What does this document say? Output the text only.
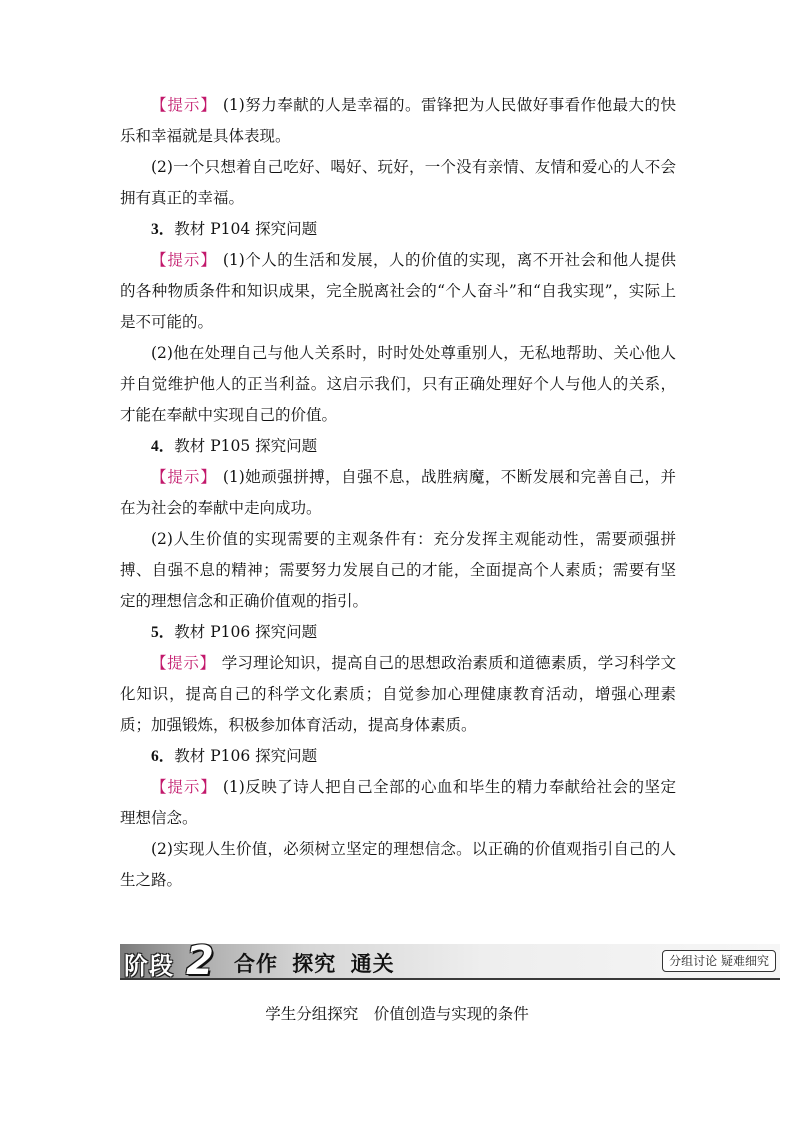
【提示】 (1)努力奉献的人是幸福的。雷锋把为人民做好事看作他最大的快乐和幸福就是具体表现。

(2)一个只想着自己吃好、喝好、玩好，一个没有亲情、友情和爱心的人不会拥有真正的幸福。

3．教材 P104 探究问题

【提示】 (1)个人的生活和发展，人的价值的实现，离不开社会和他人提供的各种物质条件和知识成果，完全脱离社会的“个人奋斗”和“自我实现”，实际上是不可能的。

(2)他在处理自己与他人关系时，时时处处尊重别人，无私地帮助、关心他人并自觉维护他人的正当利益。这启示我们，只有正确处理好个人与他人的关系，才能在奉献中实现自己的价值。

4．教材 P105 探究问题

【提示】 (1)她顽强拼搏，自强不息，战胜病魔，不断发展和完善自己，并在为社会的奉献中走向成功。

(2)人生价值的实现需要的主观条件有：充分发挥主观能动性，需要顽强拼搏、自强不息的精神；需要努力发展自己的才能，全面提高个人素质；需要有坚定的理想信念和正确价值观的指引。

5．教材 P106 探究问题

【提示】 学习理论知识，提高自己的思想政治素质和道德素质，学习科学文化知识，提高自己的科学文化素质；自觉参加心理健康教育活动，增强心理素质；加强锻炼，积极参加体育活动，提高身体素质。

6．教材 P106 探究问题

【提示】 (1)反映了诗人把自己全部的心血和毕生的精力奉献给社会的坚定理想信念。

(2)实现人生价值，必须树立坚定的理想信念。以正确的价值观指引自己的人生之路。

阶段 2 合作 探究 通关	分组讨论 疑难细究
学生分组探究　价值创造与实现的条件
